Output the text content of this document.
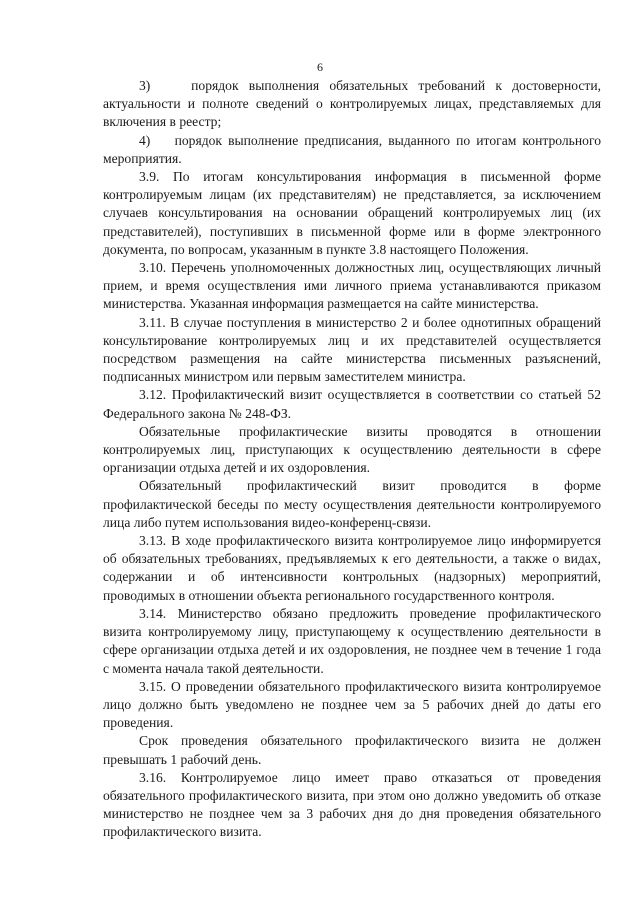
6

3)    порядок выполнения обязательных требований к достоверности, актуальности и полноте сведений о контролируемых лицах, представляемых для включения в реестр;

4)    порядок выполнение предписания, выданного по итогам контрольного мероприятия.

3.9. По итогам консультирования информация в письменной форме контролируемым лицам (их представителям) не представляется, за исключением случаев консультирования на основании обращений контролируемых лиц (их представителей), поступивших в письменной форме или в форме электронного документа, по вопросам, указанным в пункте 3.8 настоящего Положения.

3.10. Перечень уполномоченных должностных лиц, осуществляющих личный прием, и время осуществления ими личного приема устанавливаются приказом министерства. Указанная информация размещается на сайте министерства.

3.11. В случае поступления в министерство 2 и более однотипных обращений консультирование контролируемых лиц и их представителей осуществляется посредством размещения на сайте министерства письменных разъяснений, подписанных министром или первым заместителем министра.

3.12. Профилактический визит осуществляется в соответствии со статьей 52 Федерального закона № 248-ФЗ.

Обязательные профилактические визиты проводятся в отношении контролируемых лиц, приступающих к осуществлению деятельности в сфере организации отдыха детей и их оздоровления.

Обязательный профилактический визит проводится в форме профилактической беседы по месту осуществления деятельности контролируемого лица либо путем использования видео-конференц-связи.

3.13. В ходе профилактического визита контролируемое лицо информируется об обязательных требованиях, предъявляемых к его деятельности, а также о видах, содержании и об интенсивности контрольных (надзорных) мероприятий, проводимых в отношении объекта регионального государственного контроля.

3.14. Министерство обязано предложить проведение профилактического визита контролируемому лицу, приступающему к осуществлению деятельности в сфере организации отдыха детей и их оздоровления, не позднее чем в течение 1 года с момента начала такой деятельности.

3.15. О проведении обязательного профилактического визита контролируемое лицо должно быть уведомлено не позднее чем за 5 рабочих дней до даты его проведения.

Срок проведения обязательного профилактического визита не должен превышать 1 рабочий день.

3.16. Контролируемое лицо имеет право отказаться от проведения обязательного профилактического визита, при этом оно должно уведомить об отказе министерство не позднее чем за 3 рабочих дня до дня проведения обязательного профилактического визита.
